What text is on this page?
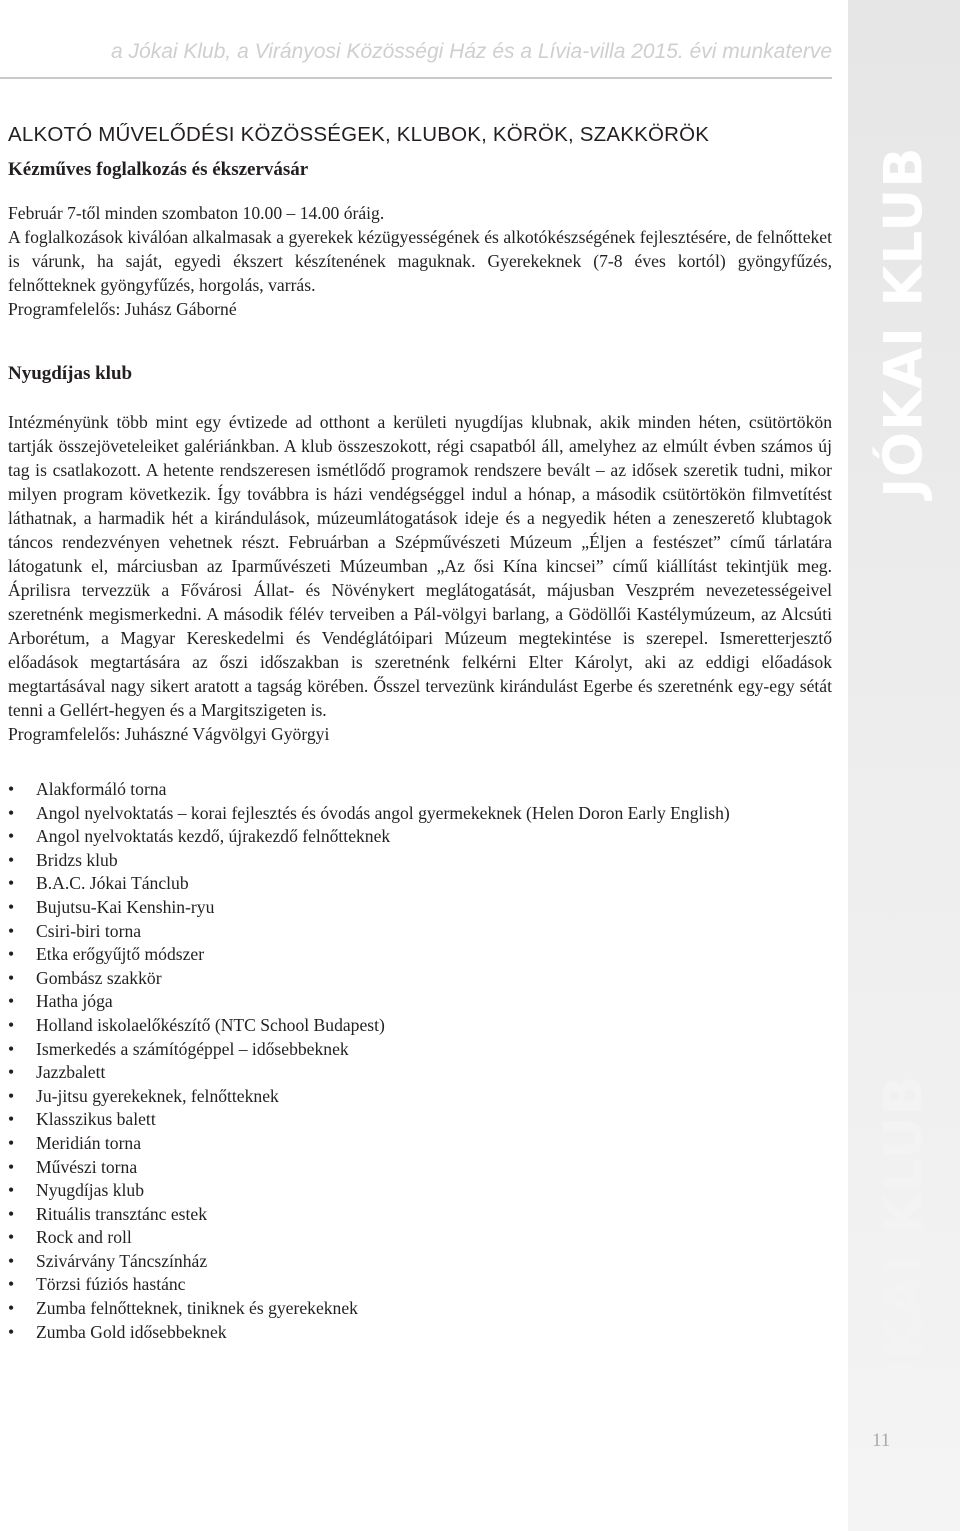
a Jókai Klub, a Virányosi Közösségi Ház és a Lívia-villa 2015. évi munkaterve
JÓKAI KLUB
JÓKAI KLUB
11
ALKOTÓ MŰVELŐDÉSI KÖZÖSSÉGEK, KLUBOK, KÖRÖK, SZAKKÖRÖK
Kézműves foglalkozás és ékszervásár

Február 7-től minden szombaton 10.00 – 14.00 óráig.

A foglalkozások kiválóan alkalmasak a gyerekek kézügyességének és alkotókészségének fejlesztésére, de felnőtteket is várunk, ha saját, egyedi ékszert készítenének maguknak. Gyerekeknek (7-8 éves kortól) gyöngyfűzés, felnőtteknek gyöngyfűzés, horgolás, varrás.

Programfelelős: Juhász Gáborné

Nyugdíjas klub

Intézményünk több mint egy évtizede ad otthont a kerületi nyugdíjas klubnak, akik minden héten, csütörtökön tartják összejöveteleiket galériánkban. A klub összeszokott, régi csapatból áll, amelyhez az elmúlt évben számos új tag is csatlakozott. A hetente rendszeresen ismétlődő programok rendszere bevált – az idősek szeretik tudni, mikor milyen program következik. Így továbbra is házi vendégséggel indul a hónap, a második csütörtökön filmvetítést láthatnak, a harmadik hét a kirándulások, múzeumlátogatások ideje és a negyedik héten a zeneszerető klubtagok táncos rendezvényen vehetnek részt. Februárban a Szépművészeti Múzeum „Éljen a festészet” című tárlatára látogatunk el, márciusban az Iparművészeti Múzeumban „Az ősi Kína kincsei” című kiállítást tekintjük meg. Áprilisra tervezzük a Fővárosi Állat- és Növénykert meglátogatását, májusban Veszprém nevezetességeivel szeretnénk megismerkedni. A második félév terveiben a Pál-völgyi barlang, a Gödöllői Kastélymúzeum, az Alcsúti Arborétum, a Magyar Kereskedelmi és Vendéglátóipari Múzeum megtekintése is szerepel. Ismeretterjesztő előadások megtartására az őszi időszakban is szeretnénk felkérni Elter Károlyt, aki az eddigi előadások megtartásával nagy sikert aratott a tagság körében. Ősszel tervezünk kirándulást Egerbe és szeretnénk egy-egy sétát tenni a Gellért-hegyen és a Margitszigeten is.

Programfelelős: Juhászné Vágvölgyi Györgyi

• Alakformáló torna
• Angol nyelvoktatás – korai fejlesztés és óvodás angol gyermekeknek (Helen Doron Early English)
• Angol nyelvoktatás kezdő, újrakezdő felnőtteknek
• Bridzs klub
• B.A.C. Jókai Tánclub
• Bujutsu-Kai Kenshin-ryu
• Csiri-biri torna
• Etka erőgyűjtő módszer
• Gombász szakkör
• Hatha jóga
• Holland iskolaelőkészítő (NTC School Budapest)
• Ismerkedés a számítógéppel – idősebbeknek
• Jazzbalett
• Ju-jitsu gyerekeknek, felnőtteknek
• Klasszikus balett
• Meridián torna
• Művészi torna
• Nyugdíjas klub
• Rituális transztánc estek
• Rock and roll
• Szivárvány Táncszínház
• Törzsi fúziós hastánc
• Zumba felnőtteknek, tiniknek és gyerekeknek
• Zumba Gold idősebbeknek
